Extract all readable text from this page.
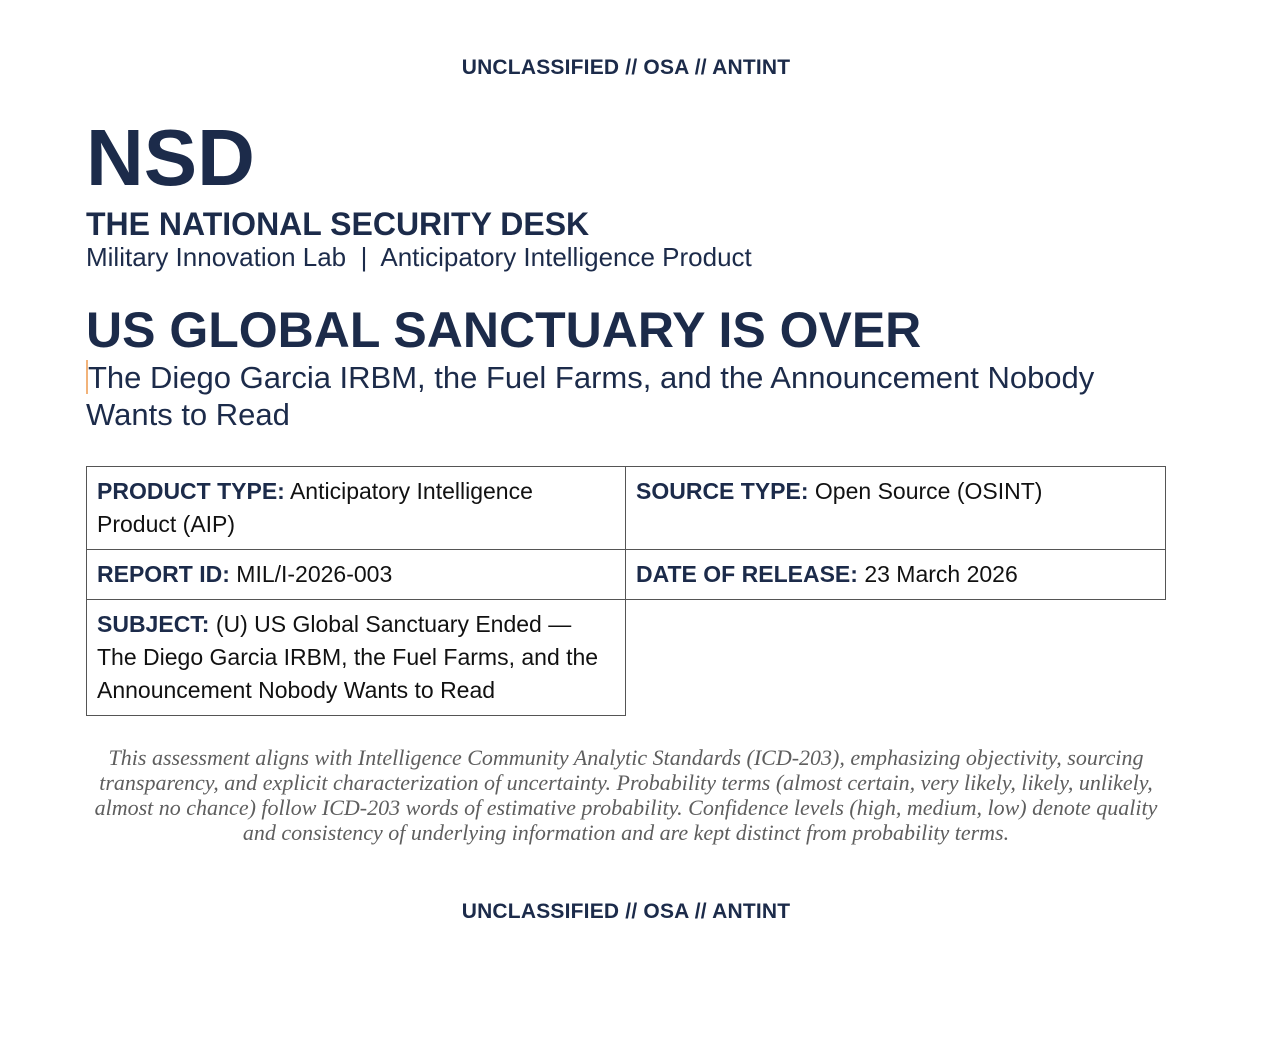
UNCLASSIFIED // OSA // ANTINT
NSD
THE NATIONAL SECURITY DESK
Military Innovation Lab  |  Anticipatory Intelligence Product
US GLOBAL SANCTUARY IS OVER
The Diego Garcia IRBM, the Fuel Farms, and the Announcement Nobody Wants to Read
PRODUCT TYPE: Anticipatory Intelligence Product (AIP)	SOURCE TYPE: Open Source (OSINT)
REPORT ID: MIL/I-2026-003	DATE OF RELEASE: 23 March 2026
SUBJECT: (U) US Global Sanctuary Ended — The Diego Garcia IRBM, the Fuel Farms, and the Announcement Nobody Wants to Read	
This assessment aligns with Intelligence Community Analytic Standards (ICD-203), emphasizing objectivity, sourcing transparency, and explicit characterization of uncertainty. Probability terms (almost certain, very likely, likely, unlikely, almost no chance) follow ICD-203 words of estimative probability. Confidence levels (high, medium, low) denote quality and consistency of underlying information and are kept distinct from probability terms.
UNCLASSIFIED // OSA // ANTINT
